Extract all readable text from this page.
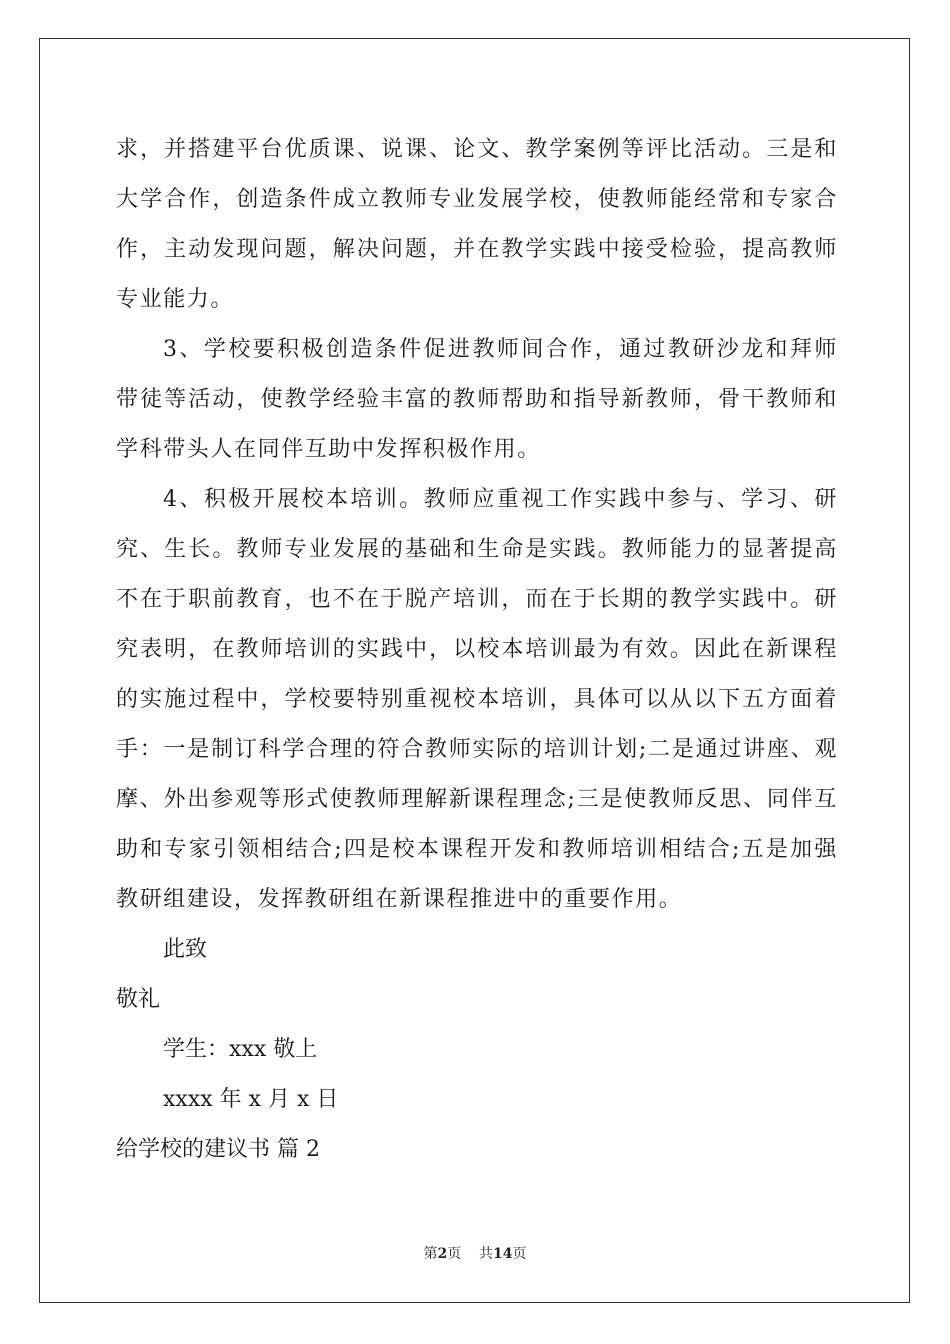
求，并搭建平台优质课、说课、论文、教学案例等评比活动。三是和大学合作，创造条件成立教师专业发展学校，使教师能经常和专家合作，主动发现问题，解决问题，并在教学实践中接受检验，提高教师专业能力。

3、学校要积极创造条件促进教师间合作，通过教研沙龙和拜师带徒等活动，使教学经验丰富的教师帮助和指导新教师，骨干教师和学科带头人在同伴互助中发挥积极作用。

4、积极开展校本培训。教师应重视工作实践中参与、学习、研究、生长。教师专业发展的基础和生命是实践。教师能力的显著提高不在于职前教育，也不在于脱产培训，而在于长期的教学实践中。研究表明，在教师培训的实践中，以校本培训最为有效。因此在新课程的实施过程中，学校要特别重视校本培训，具体可以从以下五方面着手：一是制订科学合理的符合教师实际的培训计划;二是通过讲座、观摩、外出参观等形式使教师理解新课程理念;三是使教师反思、同伴互助和专家引领相结合;四是校本课程开发和教师培训相结合;五是加强教研组建设，发挥教研组在新课程推进中的重要作用。

此致

敬礼

学生：xxx 敬上

xxxx 年 x 月 x 日

给学校的建议书 篇 2

第2页 共14页
